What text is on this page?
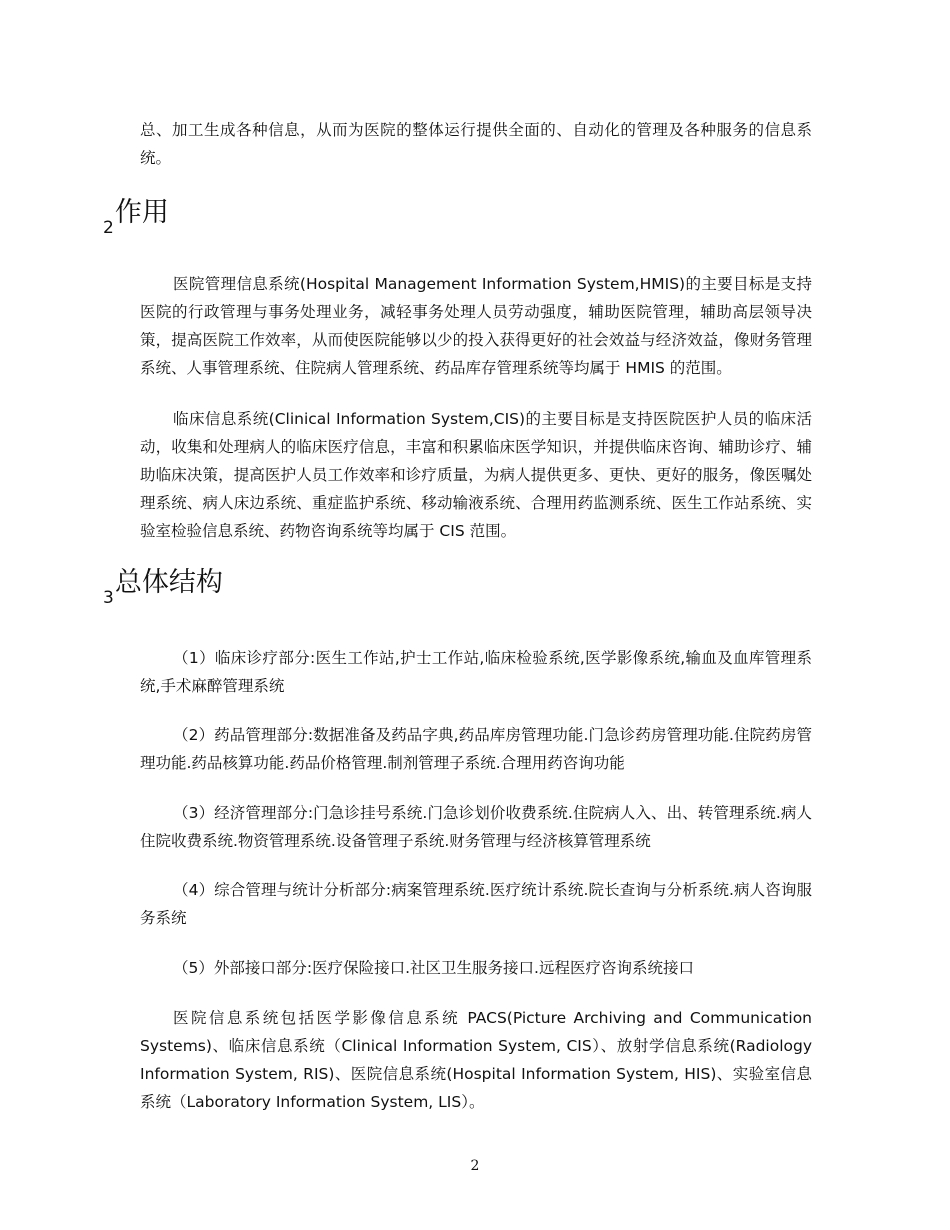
总、加工生成各种信息，从而为医院的整体运行提供全面的、自动化的管理及各种服务的信息系统。

$_2$作用

医院管理信息系统(Hospital Management Information System,HMIS)的主要目标是支持医院的行政管理与事务处理业务，减轻事务处理人员劳动强度，辅助医院管理，辅助高层领导决策，提高医院工作效率，从而使医院能够以少的投入获得更好的社会效益与经济效益，像财务管理系统、人事管理系统、住院病人管理系统、药品库存管理系统等均属于 HMIS 的范围。

临床信息系统(Clinical Information System,CIS)的主要目标是支持医院医护人员的临床活动，收集和处理病人的临床医疗信息，丰富和积累临床医学知识，并提供临床咨询、辅助诊疗、辅助临床决策，提高医护人员工作效率和诊疗质量，为病人提供更多、更快、更好的服务，像医嘱处理系统、病人床边系统、重症监护系统、移动输液系统、合理用药监测系统、医生工作站系统、实验室检验信息系统、药物咨询系统等均属于 CIS 范围。

$_3$总体结构

（1）临床诊疗部分:医生工作站,护士工作站,临床检验系统,医学影像系统,输血及血库管理系统,手术麻醉管理系统

（2）药品管理部分:数据准备及药品字典,药品库房管理功能.门急诊药房管理功能.住院药房管理功能.药品核算功能.药品价格管理.制剂管理子系统.合理用药咨询功能

（3）经济管理部分:门急诊挂号系统.门急诊划价收费系统.住院病人入、出、转管理系统.病人住院收费系统.物资管理系统.设备管理子系统.财务管理与经济核算管理系统

（4）综合管理与统计分析部分:病案管理系统.医疗统计系统.院长查询与分析系统.病人咨询服务系统

（5）外部接口部分:医疗保险接口.社区卫生服务接口.远程医疗咨询系统接口

医院信息系统包括医学影像信息系统 PACS(Picture Archiving and Communication Systems)、临床信息系统（Clinical Information System, CIS）、放射学信息系统(Radiology Information System, RIS)、医院信息系统(Hospital Information System, HIS)、实验室信息系统（Laboratory Information System, LIS）。

2
